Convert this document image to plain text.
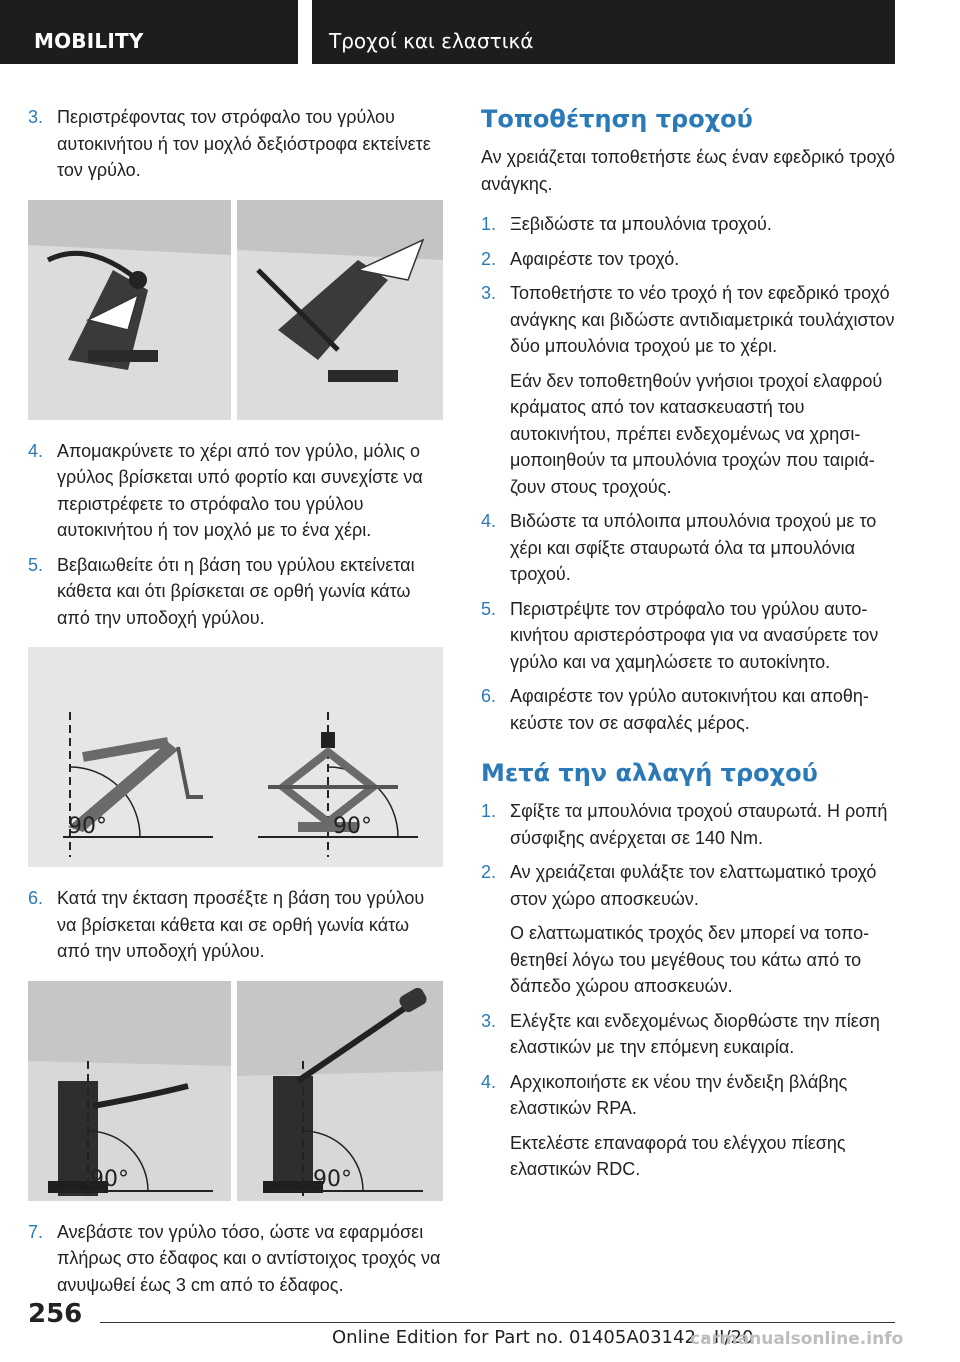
MOBILITY	Τροχοί και ελαστικά
3. Περιστρέφοντας τον στρόφαλο του γρύλου αυτοκινήτου ή τον μοχλό δεξιόστροφα εκτείνετε τον γρύλο.
4. Απομακρύνετε το χέρι από τον γρύλο, μόλις ο γρύλος βρίσκεται υπό φορτίο και συνεχίστε να περιστρέφετε το στρόφαλο του γρύλου αυτοκινήτου ή τον μοχλό με το ένα χέρι.
5. Βεβαιωθείτε ότι η βάση του γρύλου εκτείνεται κάθετα και ότι βρίσκεται σε ορθή γωνία κάτω από την υποδοχή γρύλου.
90°	90°
6. Κατά την έκταση προσέξτε η βάση του γρύλου να βρίσκεται κάθετα και σε ορθή γωνία κάτω από την υποδοχή γρύλου.
90°	90°
7. Ανεβάστε τον γρύλο τόσο, ώστε να εφαρμόσει πλήρως στο έδαφος και ο αντίστοιχος τροχός να ανυψωθεί έως 3 cm από το έδαφος.
Τοποθέτηση τροχού
Αν χρειάζεται τοποθετήστε έως έναν εφεδρικό τροχό ανάγκης.
1. Ξεβιδώστε τα μπουλόνια τροχού.
2. Αφαιρέστε τον τροχό.
3. Τοποθετήστε το νέο τροχό ή τον εφεδρικό τροχό ανάγκης και βιδώστε αντιδιαμετρικά τουλάχιστον δύο μπουλόνια τροχού με το χέρι.
Εάν δεν τοποθετηθούν γνήσιοι τροχοί ελαφρού κράματος από τον κατασκευαστή του αυτοκινήτου, πρέπει ενδεχομένως να χρησιμοποιηθούν τα μπουλόνια τροχών που ταιριάζουν στους τροχούς.
4. Βιδώστε τα υπόλοιπα μπουλόνια τροχού με το χέρι και σφίξτε σταυρωτά όλα τα μπουλόνια τροχού.
5. Περιστρέψτε τον στρόφαλο του γρύλου αυτοκινήτου αριστερόστροφα για να ανασύρετε τον γρύλο και να χαμηλώσετε το αυτοκίνητο.
6. Αφαιρέστε τον γρύλο αυτοκινήτου και αποθηκεύστε τον σε ασφαλές μέρος.
Μετά την αλλαγή τροχού
1. Σφίξτε τα μπουλόνια τροχού σταυρωτά. Η ροπή σύσφιξης ανέρχεται σε 140 Nm.
2. Αν χρειάζεται φυλάξτε τον ελαττωματικό τροχό στον χώρο αποσκευών.
Ο ελαττωματικός τροχός δεν μπορεί να τοποθετηθεί λόγω του μεγέθους του κάτω από το δάπεδο χώρου αποσκευών.
3. Ελέγξτε και ενδεχομένως διορθώστε την πίεση ελαστικών με την επόμενη ευκαιρία.
4. Αρχικοποιήστε εκ νέου την ένδειξη βλάβης ελαστικών RPA.
Εκτελέστε επαναφορά του ελέγχου πίεσης ελαστικών RDC.
256
Online Edition for Part no. 01405A03142 - II/20
carmanualsonline.info
